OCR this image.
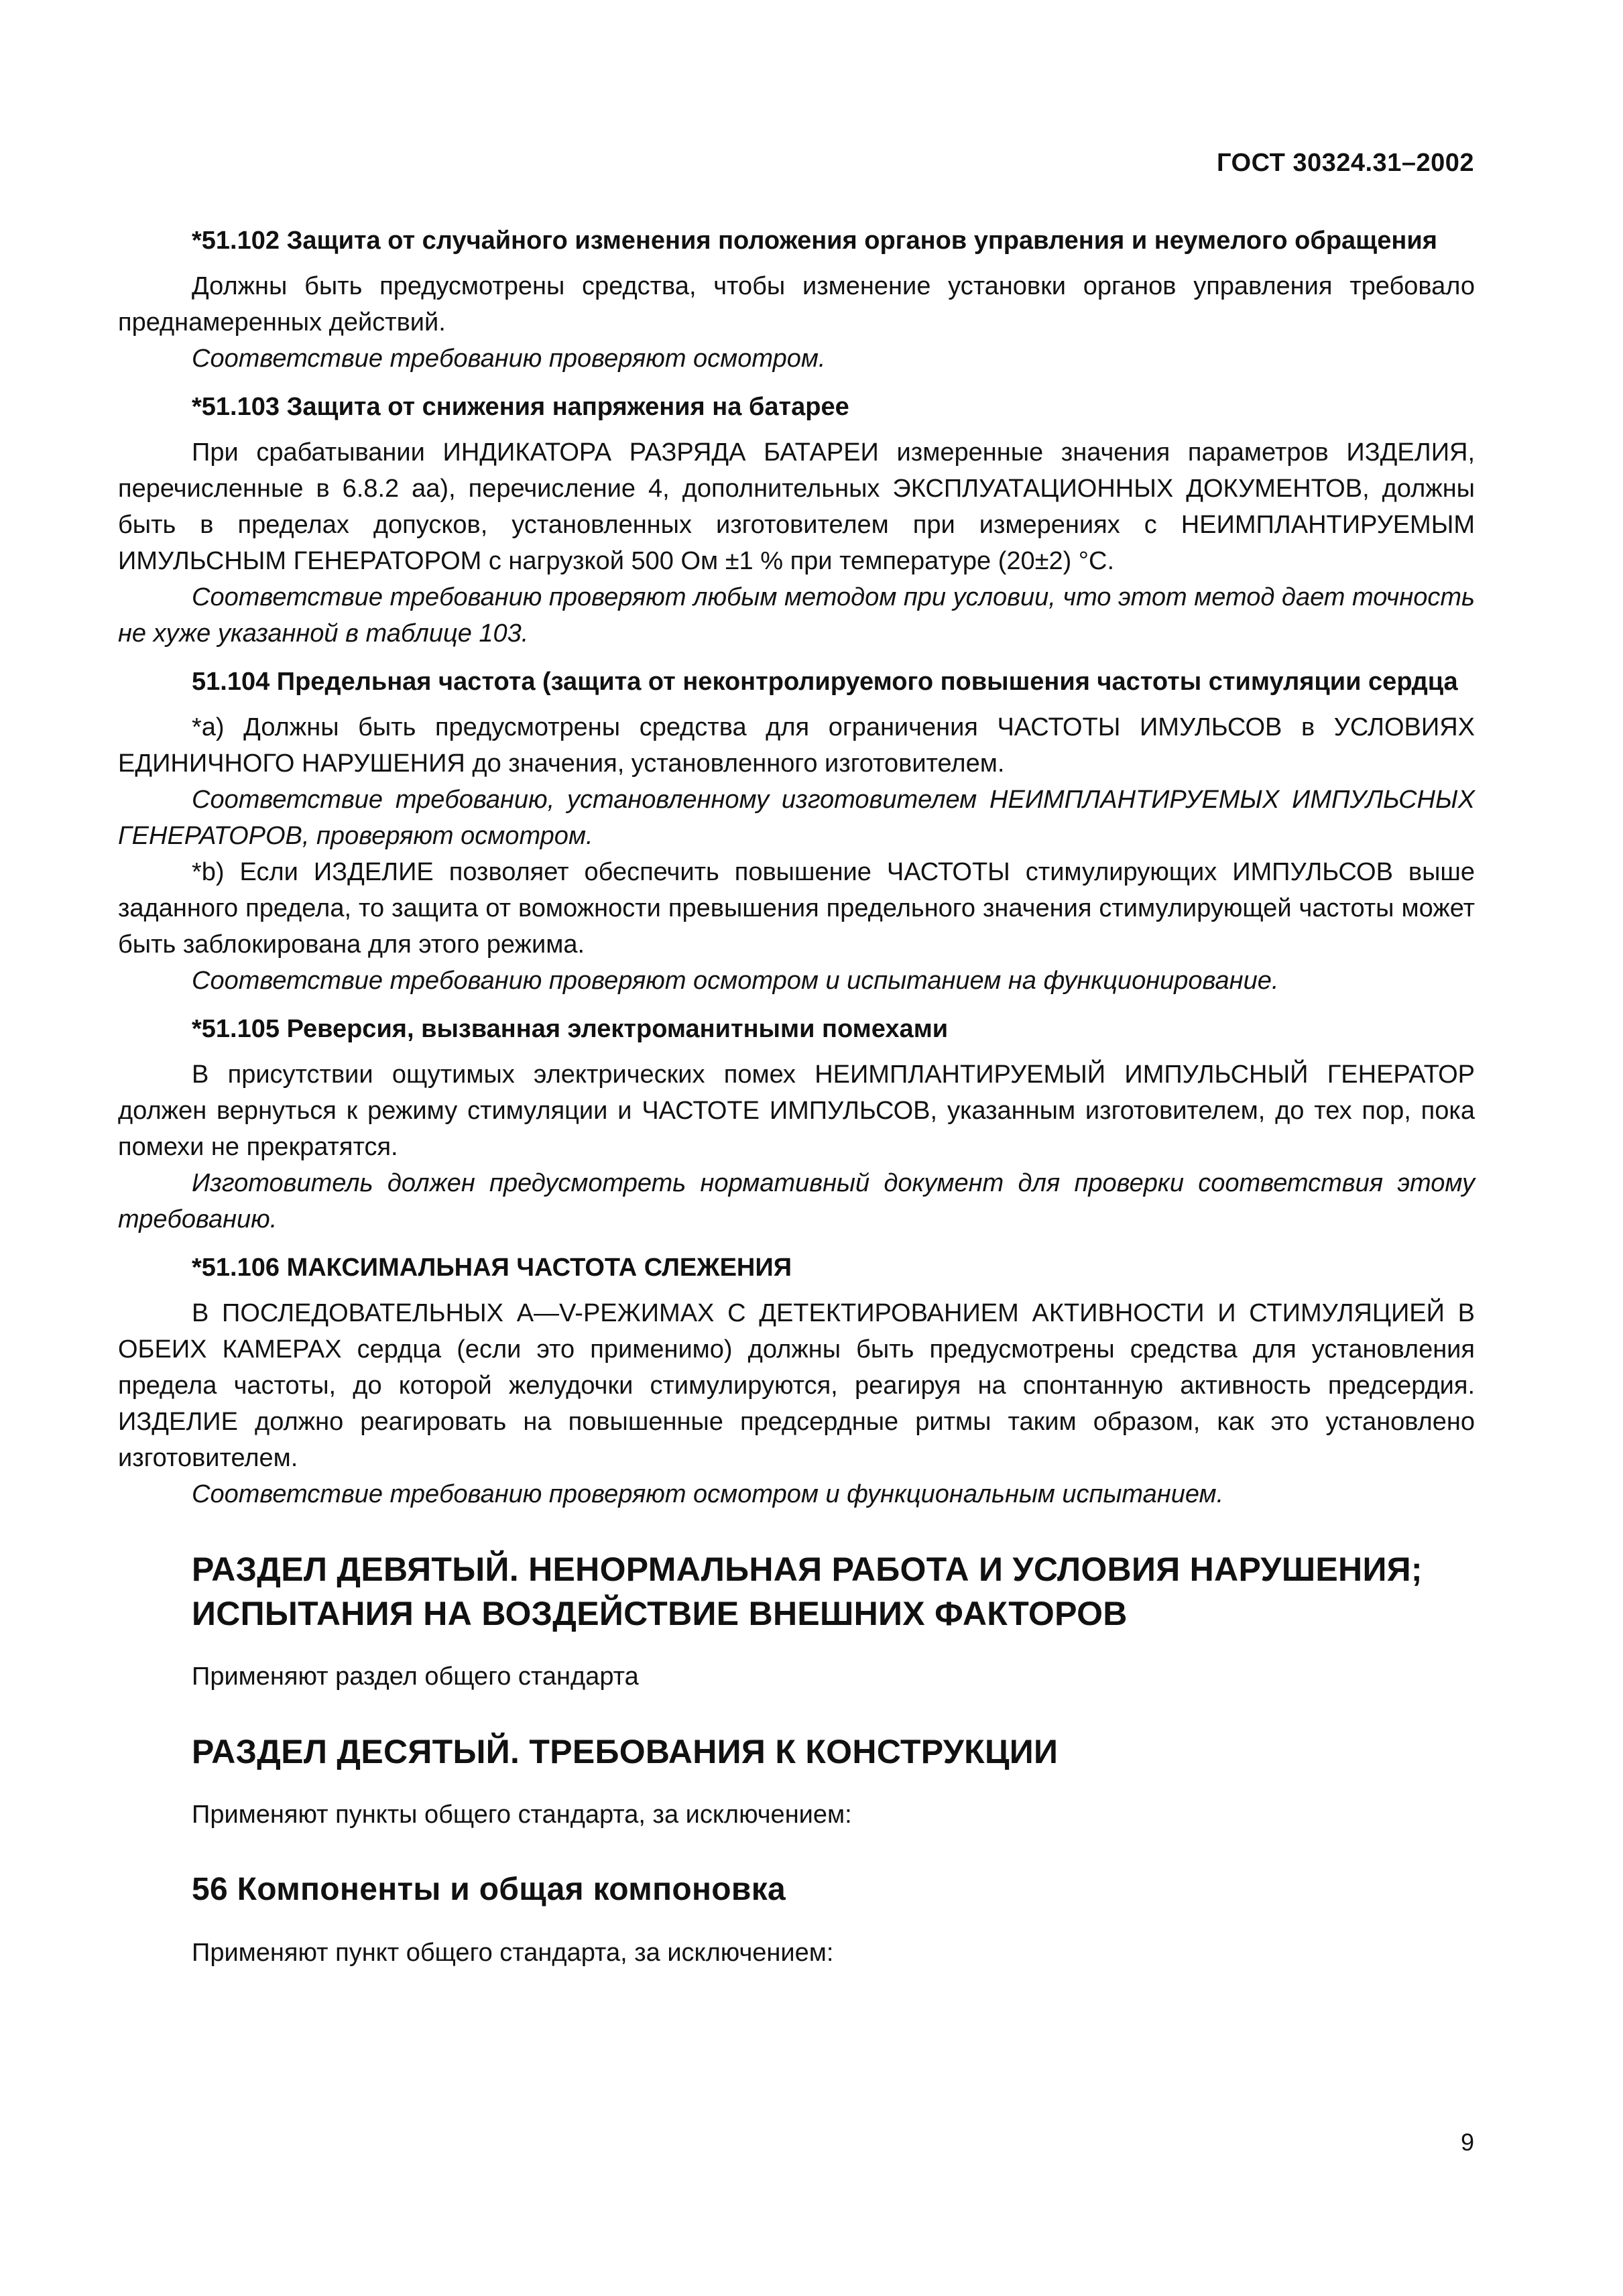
ГОСТ 30324.31–2002
*51.102 Защита от случайного изменения положения органов управления и неумелого обращения

Должны быть предусмотрены средства, чтобы изменение установки органов управления требовало преднамеренных действий.

Соответствие требованию проверяют осмотром.

*51.103 Защита от снижения напряжения на батарее

При срабатывании ИНДИКАТОРА РАЗРЯДА БАТАРЕИ измеренные значения параметров ИЗДЕЛИЯ, перечисленные в 6.8.2 аа), перечисление 4, дополнительных ЭКСПЛУАТАЦИОННЫХ ДОКУМЕНТОВ, должны быть в пределах допусков, установленных изготовителем при измерениях с НЕИМПЛАНТИРУЕМЫМ ИМУЛЬСНЫМ ГЕНЕРАТОРОМ с нагрузкой 500 Ом ±1 % при температуре (20±2) °C.

Соответствие требованию проверяют любым методом при условии, что этот метод дает точность не хуже указанной в таблице 103.

51.104 Предельная частота (защита от неконтролируемого повышения частоты стимуляции сердца

*а) Должны быть предусмотрены средства для ограничения ЧАСТОТЫ ИМУЛЬСОВ в УСЛОВИЯХ ЕДИНИЧНОГО НАРУШЕНИЯ до значения, установленного изготовителем.

Соответствие требованию, установленному изготовителем НЕИМПЛАНТИРУЕМЫХ ИМПУЛЬСНЫХ ГЕНЕРАТОРОВ, проверяют осмотром.

*b) Если ИЗДЕЛИЕ позволяет обеспечить повышение ЧАСТОТЫ стимулирующих ИМПУЛЬСОВ выше заданного предела, то защита от воможности превышения предельного значения стимулирующей частоты может быть заблокирована для этого режима.

Соответствие требованию проверяют осмотром и испытанием на функционирование.

*51.105 Реверсия, вызванная электроманитными помехами

В присутствии ощутимых электрических помех НЕИМПЛАНТИРУЕМЫЙ ИМПУЛЬСНЫЙ ГЕНЕРАТОР должен вернуться к режиму стимуляции и ЧАСТОТЕ ИМПУЛЬСОВ, указанным изготовителем, до тех пор, пока помехи не прекратятся.

Изготовитель должен предусмотреть нормативный документ для проверки соответствия этому требованию.

*51.106 МАКСИМАЛЬНАЯ ЧАСТОТА СЛЕЖЕНИЯ

В ПОСЛЕДОВАТЕЛЬНЫХ А—V-РЕЖИМАХ С ДЕТЕКТИРОВАНИЕМ АКТИВНОСТИ И СТИМУЛЯЦИЕЙ В ОБЕИХ КАМЕРАХ сердца (если это применимо) должны быть предусмотрены средства для установления предела частоты, до которой желудочки стимулируются, реагируя на спонтанную активность предсердия. ИЗДЕЛИЕ должно реагировать на повышенные предсердные ритмы таким образом, как это установлено изготовителем.

Соответствие требованию проверяют осмотром и функциональным испытанием.

РАЗДЕЛ ДЕВЯТЫЙ. НЕНОРМАЛЬНАЯ РАБОТА И УСЛОВИЯ НАРУШЕНИЯ; ИСПЫТАНИЯ НА ВОЗДЕЙСТВИЕ ВНЕШНИХ ФАКТОРОВ

Применяют раздел общего стандарта

РАЗДЕЛ ДЕСЯТЫЙ. ТРЕБОВАНИЯ К КОНСТРУКЦИИ

Применяют пункты общего стандарта, за исключением:

56 Компоненты и общая компоновка

Применяют пункт общего стандарта, за исключением:

9
